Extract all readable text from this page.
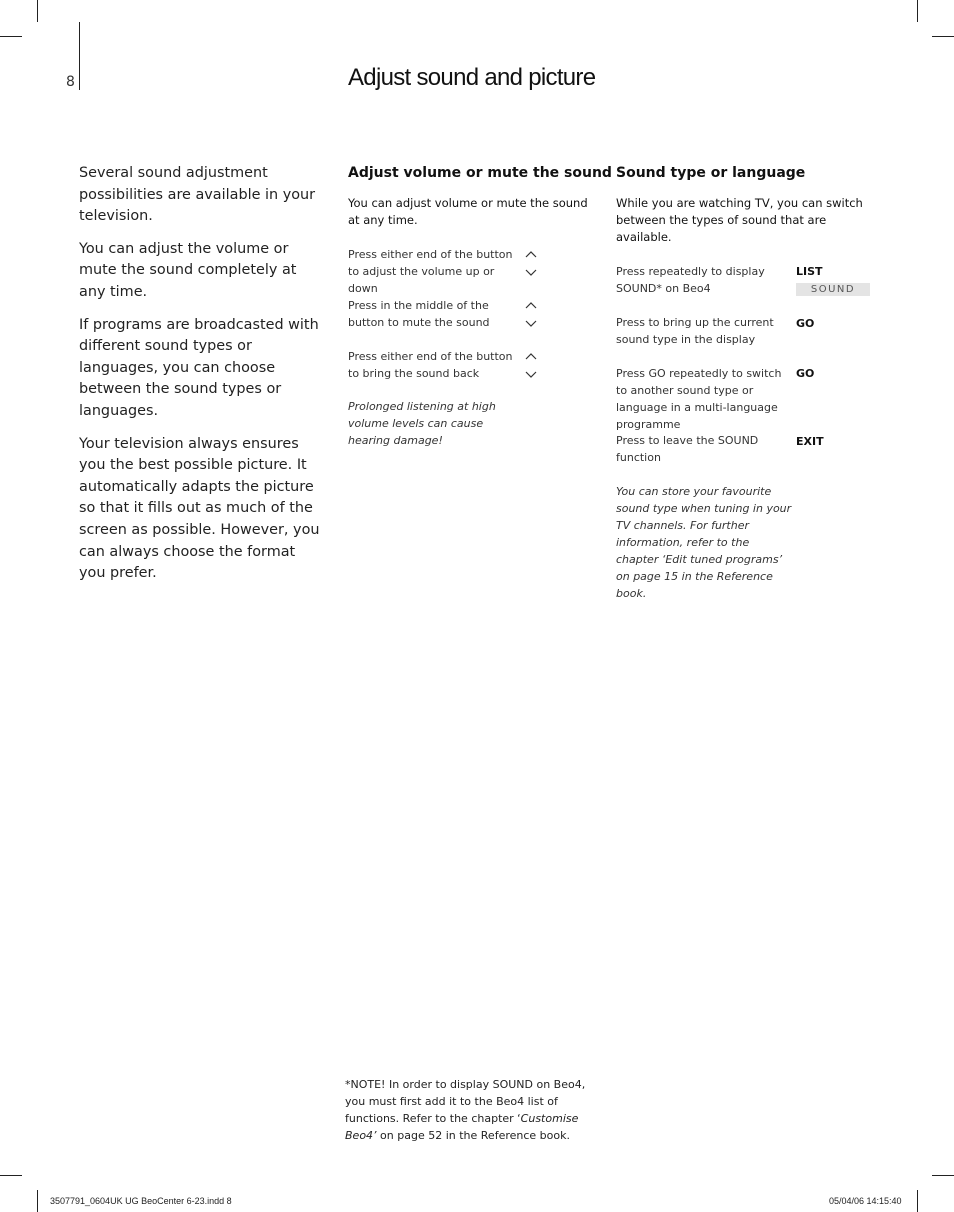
8	Adjust sound and picture

Several sound adjustment possibilities are available in your television.

You can adjust the volume or mute the sound completely at any time.

If programs are broadcasted with different sound types or languages, you can choose between the sound types or languages.

Your television always ensures you the best possible picture. It automatically adapts the picture so that it fills out as much of the screen as possible. However, you can always choose the format you prefer.

Adjust volume or mute the sound
You can adjust volume or mute the sound at any time.
Press either end of the button to adjust the volume up or down
Press in the middle of the button to mute the sound
Press either end of the button to bring the sound back
Prolonged listening at high volume levels can cause hearing damage!
Sound type or language
While you are watching TV, you can switch between the types of sound that are available.
Press repeatedly to display SOUND* on Beo4
LIST
SOUND
Press to bring up the current sound type in the display
GO
Press GO repeatedly to switch to another sound type or language in a multi-language programme
GO
Press to leave the SOUND function
EXIT
You can store your favourite sound type when tuning in your TV channels. For further information, refer to the chapter ‘Edit tuned programs’ on page 15 in the Reference book.
*NOTE! In order to display SOUND on Beo4, you must first add it to the Beo4 list of functions. Refer to the chapter ‘Customise Beo4’ on page 52 in the Reference book.
3507791_0604UK UG BeoCenter 6-23.indd 8	05/04/06 14:15:40
